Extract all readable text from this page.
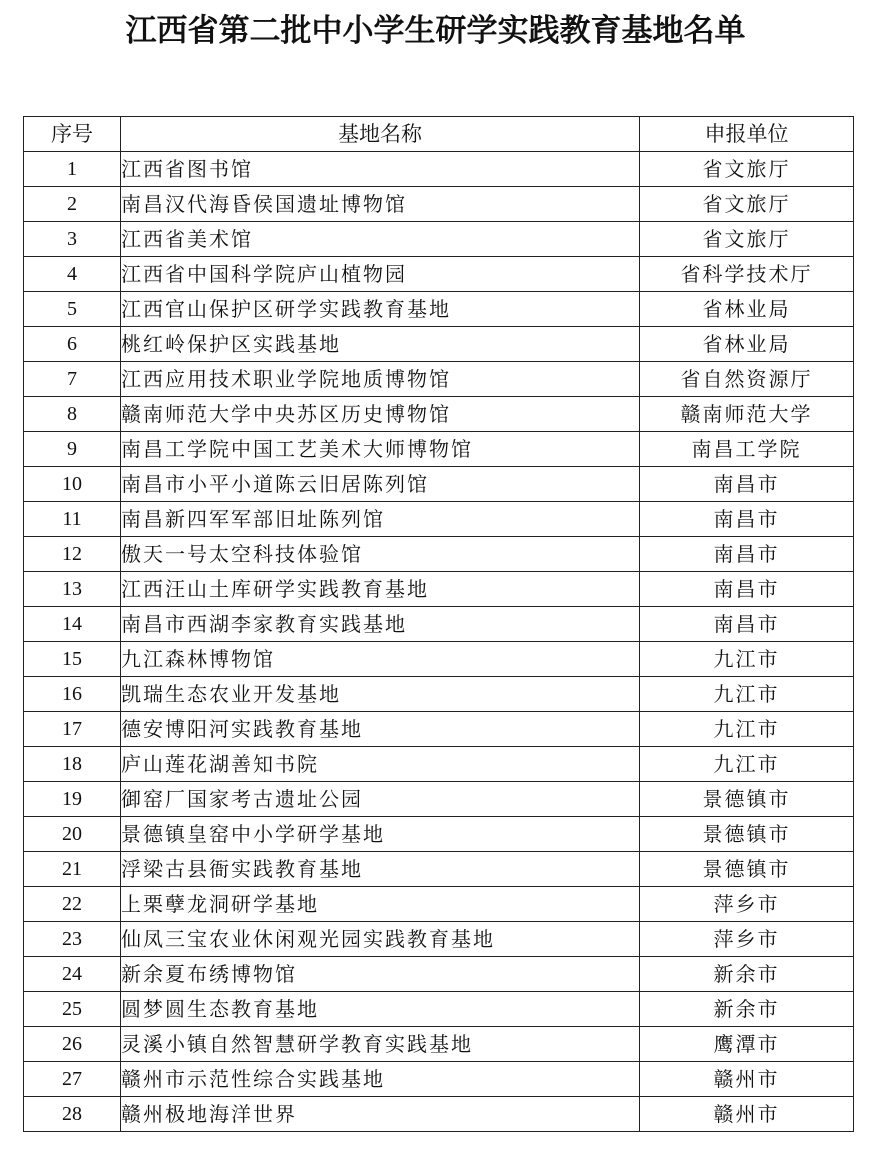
江西省第二批中小学生研学实践教育基地名单
序号	基地名称	申报单位
1	江西省图书馆	省文旅厅
2	南昌汉代海昏侯国遗址博物馆	省文旅厅
3	江西省美术馆	省文旅厅
4	江西省中国科学院庐山植物园	省科学技术厅
5	江西官山保护区研学实践教育基地	省林业局
6	桃红岭保护区实践基地	省林业局
7	江西应用技术职业学院地质博物馆	省自然资源厅
8	赣南师范大学中央苏区历史博物馆	赣南师范大学
9	南昌工学院中国工艺美术大师博物馆	南昌工学院
10	南昌市小平小道陈云旧居陈列馆	南昌市
11	南昌新四军军部旧址陈列馆	南昌市
12	傲天一号太空科技体验馆	南昌市
13	江西汪山土库研学实践教育基地	南昌市
14	南昌市西湖李家教育实践基地	南昌市
15	九江森林博物馆	九江市
16	凯瑞生态农业开发基地	九江市
17	德安博阳河实践教育基地	九江市
18	庐山莲花湖善知书院	九江市
19	御窑厂国家考古遗址公园	景德镇市
20	景德镇皇窑中小学研学基地	景德镇市
21	浮梁古县衙实践教育基地	景德镇市
22	上栗孽龙洞研学基地	萍乡市
23	仙凤三宝农业休闲观光园实践教育基地	萍乡市
24	新余夏布绣博物馆	新余市
25	圆梦圆生态教育基地	新余市
26	灵溪小镇自然智慧研学教育实践基地	鹰潭市
27	赣州市示范性综合实践基地	赣州市
28	赣州极地海洋世界	赣州市
